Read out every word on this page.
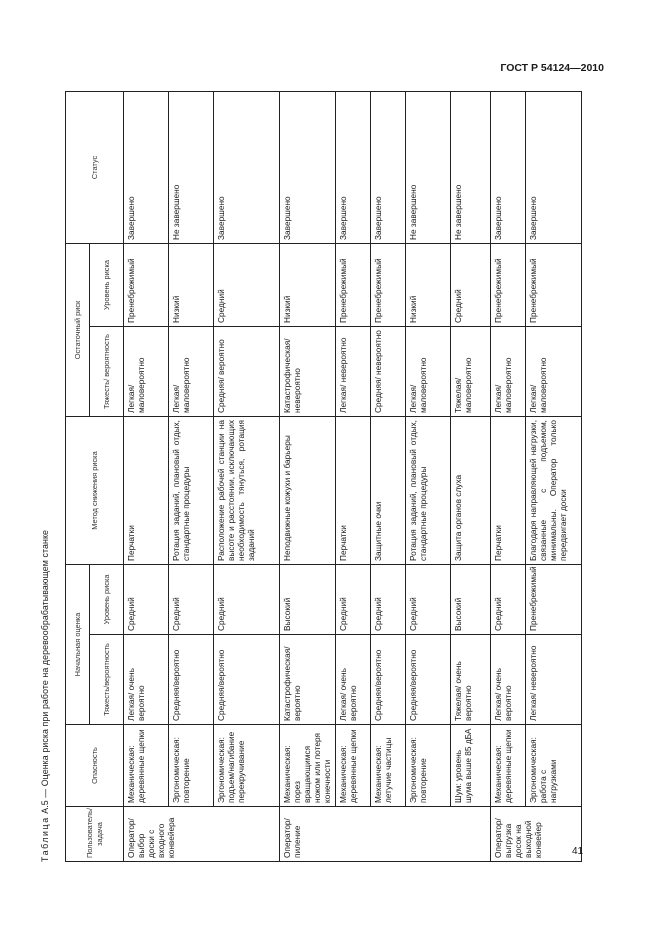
ГОСТ Р 54124—2010
Таблица А.5 — Оценка риска при работе на деревообрабатывающем станке
Пользователь/ задача	Опасность	Начальная оценка		Метод снижения риска	Остаточный риск		Статус
		Тяжесть/вероятность	Уровень риска		Тяжесть/ вероятность	Уровень риска	
Оператор/ выбор доски с входного конвейера	Механическая: деревянные щепки	Легкая/ очень вероятно	Средний	Перчатки	Легкая/ маловероятно	Пренебрежимый	Завершено
	Эргономическая: повторение	Средняя/вероятно	Средний	Ротация заданий, плановый отдых, стандартные процедуры	Легкая/ маловероятно	Низкий	Не завершено
	Эргономическая: подъем/нагибание перекручивание	Средняя/вероятно	Средний	Расположение рабочей станции на высоте и расстоянии, исключающих необходимость тянуться, ротация заданий	Средняя/ вероятно	Средний	Завершено
Оператор/ пиление	Механическая: порез вращающимся ножом или потеря конечности	Катастрофическая/ вероятно	Высокий	Неподвижные кожухи и барьеры	Катастрофическая/ невероятно	Низкий	Завершено
	Механическая: деревянные щепки	Легкая/ очень вероятно	Средний	Перчатки	Легкая/ невероятно	Пренебрежимый	Завершено
	Механическая: летучие частицы	Средняя/вероятно	Средний	Защитные очки	Средняя/ невероятно	Пренебрежимый	Завершено
	Эргономическая: повторение	Средняя/вероятно	Средний	Ротация заданий, плановый отдых, стандартные процедуры	Легкая/ маловероятно	Низкий	Не завершено
	Шум: уровень шума выше 85 дБА	Тяжелая/ очень вероятно	Высокий	Защита органов слуха	Тяжелая/ маловероятно	Средний	Не завершено
Оператор/ выгрузка досок на выходной конвейер	Механическая: деревянные щепки	Легкая/ очень вероятно	Средний	Перчатки	Легкая/ маловероятно	Пренебрежимый	Завершено
	Эргономическая: работа с нагрузками	Легкая/ невероятно	Пренебрежимый	Благодаря направляющей нагрузки, связанные с подъемом, минимальны. Оператор только передвигает доски	Легкая/ маловероятно	Пренебрежимый	Завершено
41
